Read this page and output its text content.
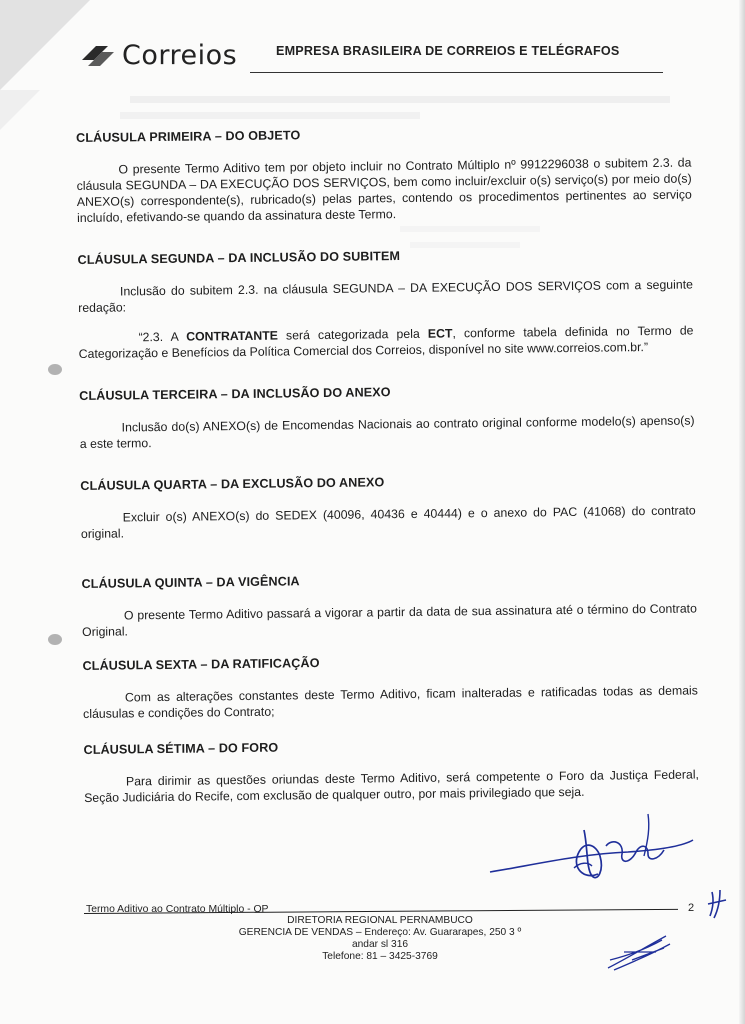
Correios	EMPRESA BRASILEIRA DE CORREIOS E TELÉGRAFOS
CLÁUSULA PRIMEIRA – DO OBJETO

O presente Termo Aditivo tem por objeto incluir no Contrato Múltiplo nº 9912296038 o subitem 2.3. da cláusula SEGUNDA – DA EXECUÇÃO DOS SERVIÇOS, bem como incluir/excluir o(s) serviço(s) por meio do(s) ANEXO(s) correspondente(s), rubricado(s) pelas partes, contendo os procedimentos pertinentes ao serviço incluído, efetivando-se quando da assinatura deste Termo.

CLÁUSULA SEGUNDA – DA INCLUSÃO DO SUBITEM

Inclusão do subitem 2.3. na cláusula SEGUNDA – DA EXECUÇÃO DOS SERVIÇOS com a seguinte redação:

“2.3. A CONTRATANTE será categorizada pela ECT, conforme tabela definida no Termo de Categorização e Benefícios da Política Comercial dos Correios, disponível no site www.correios.com.br.”

CLÁUSULA TERCEIRA – DA INCLUSÃO DO ANEXO

Inclusão do(s) ANEXO(s) de Encomendas Nacionais ao contrato original conforme modelo(s) apenso(s) a este termo.

CLÁUSULA QUARTA – DA EXCLUSÃO DO ANEXO

Excluir o(s) ANEXO(s) do SEDEX (40096, 40436 e 40444) e o anexo do PAC (41068) do contrato original.

CLÁUSULA QUINTA – DA VIGÊNCIA

O presente Termo Aditivo passará a vigorar a partir da data de sua assinatura até o término do Contrato Original.

CLÁUSULA SEXTA – DA RATIFICAÇÃO

Com as alterações constantes deste Termo Aditivo, ficam inalteradas e ratificadas todas as demais cláusulas e condições do Contrato;

CLÁUSULA SÉTIMA – DO FORO

Para dirimir as questões oriundas deste Termo Aditivo, será competente o Foro da Justiça Federal, Seção Judiciária do Recife, com exclusão de qualquer outro, por mais privilegiado que seja.

Termo Aditivo ao Contrato Múltiplo - OP	2
DIRETORIA REGIONAL PERNAMBUCO
GERENCIA DE VENDAS – Endereço: Av. Guararapes, 250 3 º andar sl 316
Telefone: 81 – 3425-3769
